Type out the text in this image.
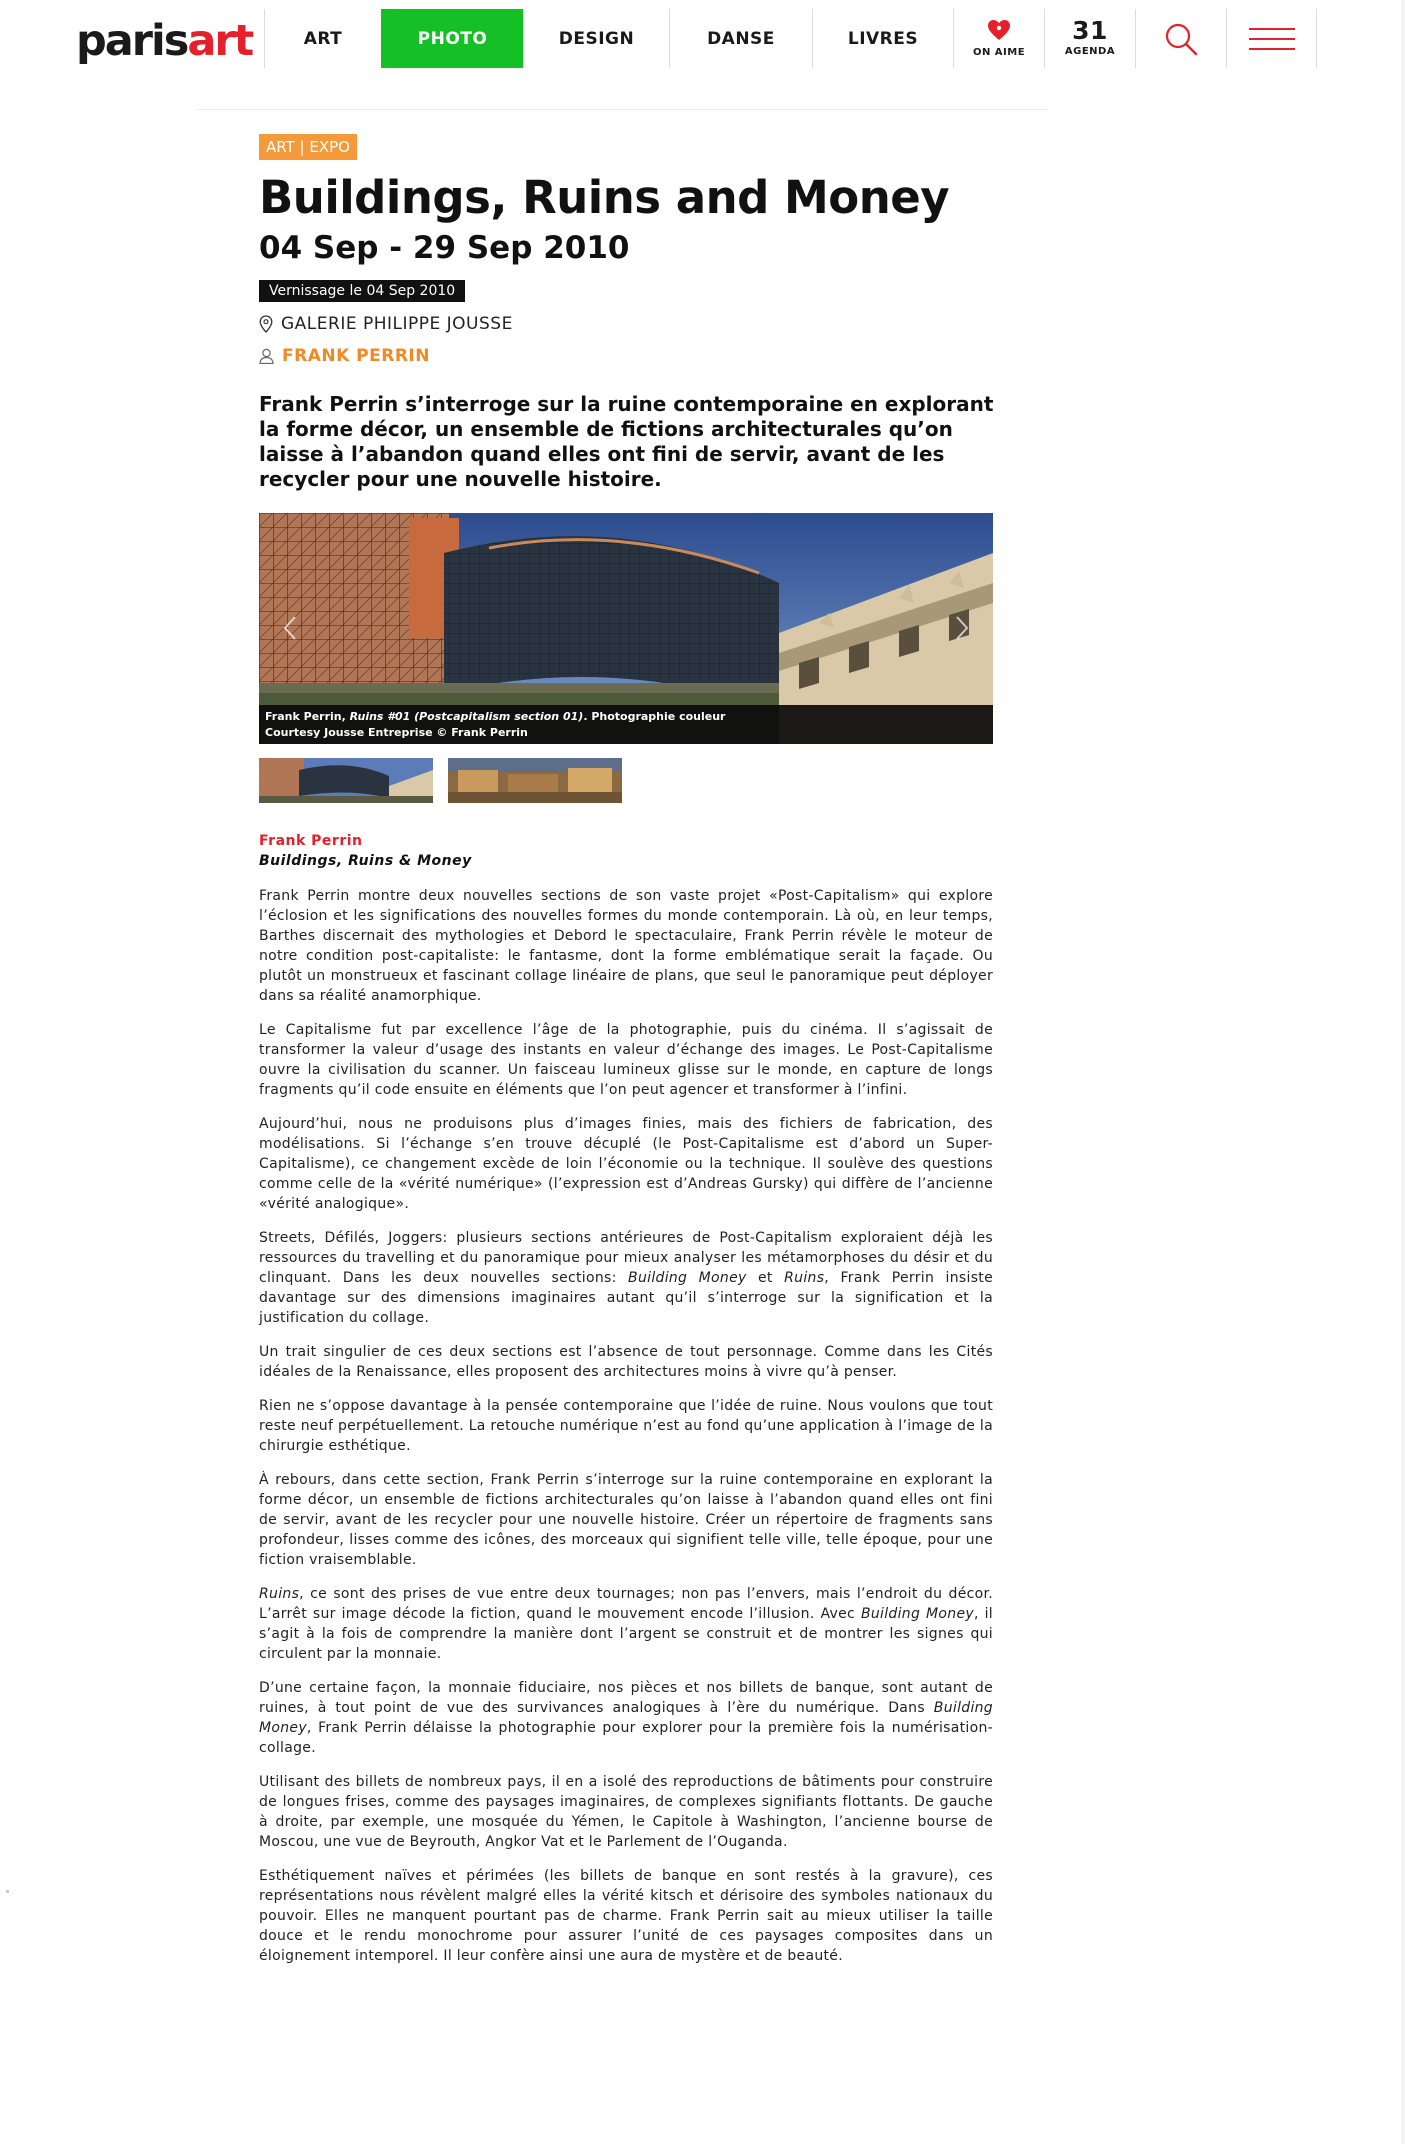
parisart	ART	PHOTO	DESIGN	DANSE	LIVRES
ON AIME
31
AGENDA
ART | EXPO
Buildings, Ruins and Money
04 Sep - 29 Sep 2010
Vernissage le 04 Sep 2010
GALERIE PHILIPPE JOUSSE
FRANK PERRIN

Frank Perrin s’interroge sur la ruine contemporaine en explorant la forme décor, un ensemble de fictions architecturales qu’on laisse à l’abandon quand elles ont fini de servir, avant de les recycler pour une nouvelle histoire.

Frank Perrin, Ruins #01 (Postcapitalism section 01). Photographie couleur
Courtesy Jousse Entreprise © Frank Perrin
Frank Perrin
Buildings, Ruins & Money

Frank Perrin montre deux nouvelles sections de son vaste projet «Post-Capitalism» qui explore l’éclosion et les significations des nouvelles formes du monde contemporain. Là où, en leur temps, Barthes discernait des mythologies et Debord le spectaculaire, Frank Perrin révèle le moteur de notre condition post-capitaliste: le fantasme, dont la forme emblématique serait la façade. Ou plutôt un monstrueux et fascinant collage linéaire de plans, que seul le panoramique peut déployer dans sa réalité anamorphique.

Le Capitalisme fut par excellence l’âge de la photographie, puis du cinéma. Il s’agissait de transformer la valeur d’usage des instants en valeur d’échange des images. Le Post-Capitalisme ouvre la civilisation du scanner. Un faisceau lumineux glisse sur le monde, en capture de longs fragments qu’il code ensuite en éléments que l’on peut agencer et transformer à l’infini.

Aujourd’hui, nous ne produisons plus d’images finies, mais des fichiers de fabrication, des modélisations. Si l’échange s’en trouve décuplé (le Post-Capitalisme est d’abord un Super-Capitalisme), ce changement excède de loin l’économie ou la technique. Il soulève des questions comme celle de la «vérité numérique» (l’expression est d’Andreas Gursky) qui diffère de l’ancienne «vérité analogique».

Streets, Défilés, Joggers: plusieurs sections antérieures de Post-Capitalism exploraient déjà les ressources du travelling et du panoramique pour mieux analyser les métamorphoses du désir et du clinquant. Dans les deux nouvelles sections: Building Money et Ruins, Frank Perrin insiste davantage sur des dimensions imaginaires autant qu’il s’interroge sur la signification et la justification du collage.

Un trait singulier de ces deux sections est l’absence de tout personnage. Comme dans les Cités idéales de la Renaissance, elles proposent des architectures moins à vivre qu’à penser.

Rien ne s’oppose davantage à la pensée contemporaine que l’idée de ruine. Nous voulons que tout reste neuf perpétuellement. La retouche numérique n’est au fond qu’une application à l’image de la chirurgie esthétique.

À rebours, dans cette section, Frank Perrin s’interroge sur la ruine contemporaine en explorant la forme décor, un ensemble de fictions architecturales qu’on laisse à l’abandon quand elles ont fini de servir, avant de les recycler pour une nouvelle histoire. Créer un répertoire de fragments sans profondeur, lisses comme des icônes, des morceaux qui signifient telle ville, telle époque, pour une fiction vraisemblable.

Ruins, ce sont des prises de vue entre deux tournages; non pas l’envers, mais l’endroit du décor. L’arrêt sur image décode la fiction, quand le mouvement encode l’illusion. Avec Building Money, il s’agit à la fois de comprendre la manière dont l’argent se construit et de montrer les signes qui circulent par la monnaie.

D’une certaine façon, la monnaie fiduciaire, nos pièces et nos billets de banque, sont autant de ruines, à tout point de vue des survivances analogiques à l’ère du numérique. Dans Building Money, Frank Perrin délaisse la photographie pour explorer pour la première fois la numérisation-collage.

Utilisant des billets de nombreux pays, il en a isolé des reproductions de bâtiments pour construire de longues frises, comme des paysages imaginaires, de complexes signifiants flottants. De gauche à droite, par exemple, une mosquée du Yémen, le Capitole à Washington, l’ancienne bourse de Moscou, une vue de Beyrouth, Angkor Vat et le Parlement de l’Ouganda.

Esthétiquement naïves et périmées (les billets de banque en sont restés à la gravure), ces représentations nous révèlent malgré elles la vérité kitsch et dérisoire des symboles nationaux du pouvoir. Elles ne manquent pourtant pas de charme. Frank Perrin sait au mieux utiliser la taille douce et le rendu monochrome pour assurer l’unité de ces paysages composites dans un éloignement intemporel. Il leur confère ainsi une aura de mystère et de beauté.
